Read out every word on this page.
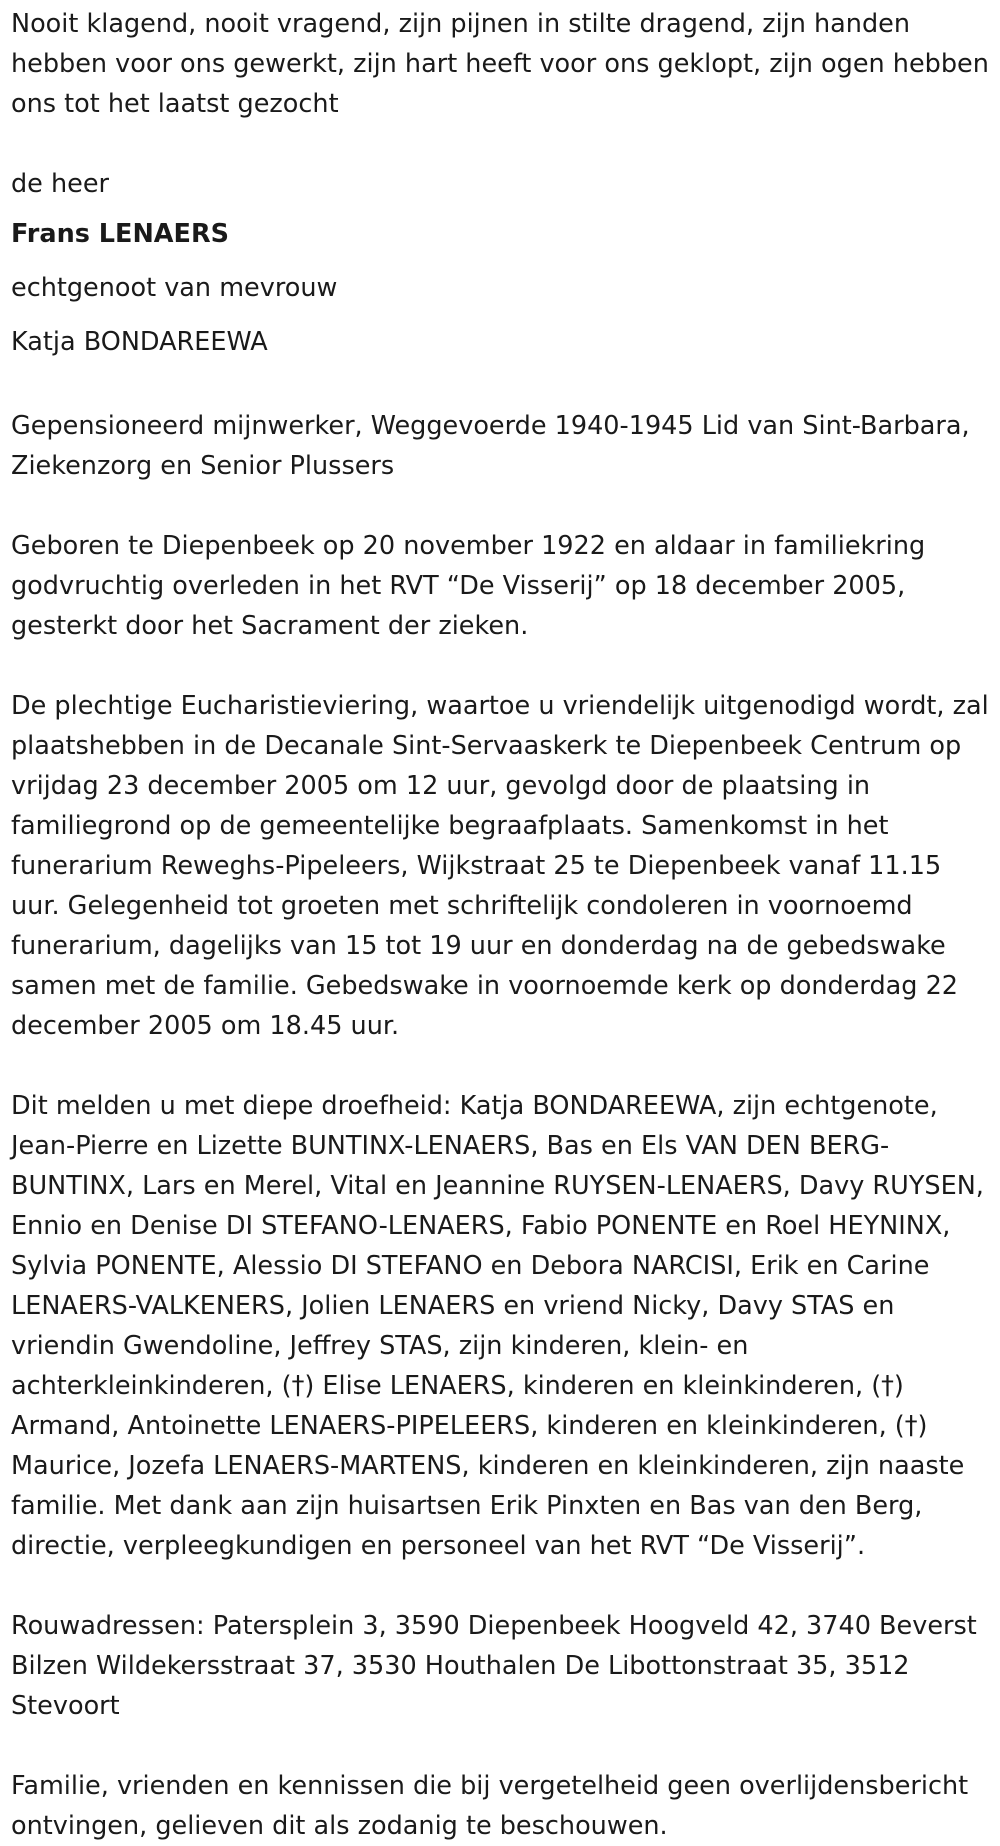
Nooit klagend, nooit vragend, zijn pijnen in stilte dragend, zijn handen hebben voor ons gewerkt, zijn hart heeft voor ons geklopt, zijn ogen hebben ons tot het laatst gezocht

de heer

Frans LENAERS

echtgenoot van mevrouw

Katja BONDAREEWA

Gepensioneerd mijnwerker, Weggevoerde 1940-1945 Lid van Sint-Barbara, Ziekenzorg en Senior Plussers

Geboren te Diepenbeek op 20 november 1922 en aldaar in familiekring godvruchtig overleden in het RVT “De Visserij” op 18 december 2005, gesterkt door het Sacrament der zieken.

De plechtige Eucharistieviering, waartoe u vriendelijk uitgenodigd wordt, zal plaatshebben in de Decanale Sint-Servaaskerk te Diepenbeek Centrum op vrijdag 23 december 2005 om 12 uur, gevolgd door de plaatsing in familiegrond op de gemeentelijke begraafplaats. Samenkomst in het funerarium Reweghs-Pipeleers, Wijkstraat 25 te Diepenbeek vanaf 11.15 uur. Gelegenheid tot groeten met schriftelijk condoleren in voornoemd funerarium, dagelijks van 15 tot 19 uur en donderdag na de gebedswake samen met de familie. Gebedswake in voornoemde kerk op donderdag 22 december 2005 om 18.45 uur.

Dit melden u met diepe droefheid: Katja BONDAREEWA, zijn echtgenote, Jean-Pierre en Lizette BUNTINX-LENAERS, Bas en Els VAN DEN BERG-BUNTINX, Lars en Merel, Vital en Jeannine RUYSEN-LENAERS, Davy RUYSEN, Ennio en Denise DI STEFANO-LENAERS, Fabio PONENTE en Roel HEYNINX, Sylvia PONENTE, Alessio DI STEFANO en Debora NARCISI, Erik en Carine LENAERS-VALKENERS, Jolien LENAERS en vriend Nicky, Davy STAS en vriendin Gwendoline, Jeffrey STAS, zijn kinderen, klein- en achterkleinkinderen, (†) Elise LENAERS, kinderen en kleinkinderen, (†) Armand, Antoinette LENAERS-PIPELEERS, kinderen en kleinkinderen, (†) Maurice, Jozefa LENAERS-MARTENS, kinderen en kleinkinderen, zijn naaste familie. Met dank aan zijn huisartsen Erik Pinxten en Bas van den Berg, directie, verpleegkundigen en personeel van het RVT “De Visserij”.

Rouwadressen: Patersplein 3, 3590 Diepenbeek Hoogveld 42, 3740 Beverst Bilzen Wildekersstraat 37, 3530 Houthalen De Libottonstraat 35, 3512 Stevoort

Familie, vrienden en kennissen die bij vergetelheid geen overlijdensbericht ontvingen, gelieven dit als zodanig te beschouwen.
